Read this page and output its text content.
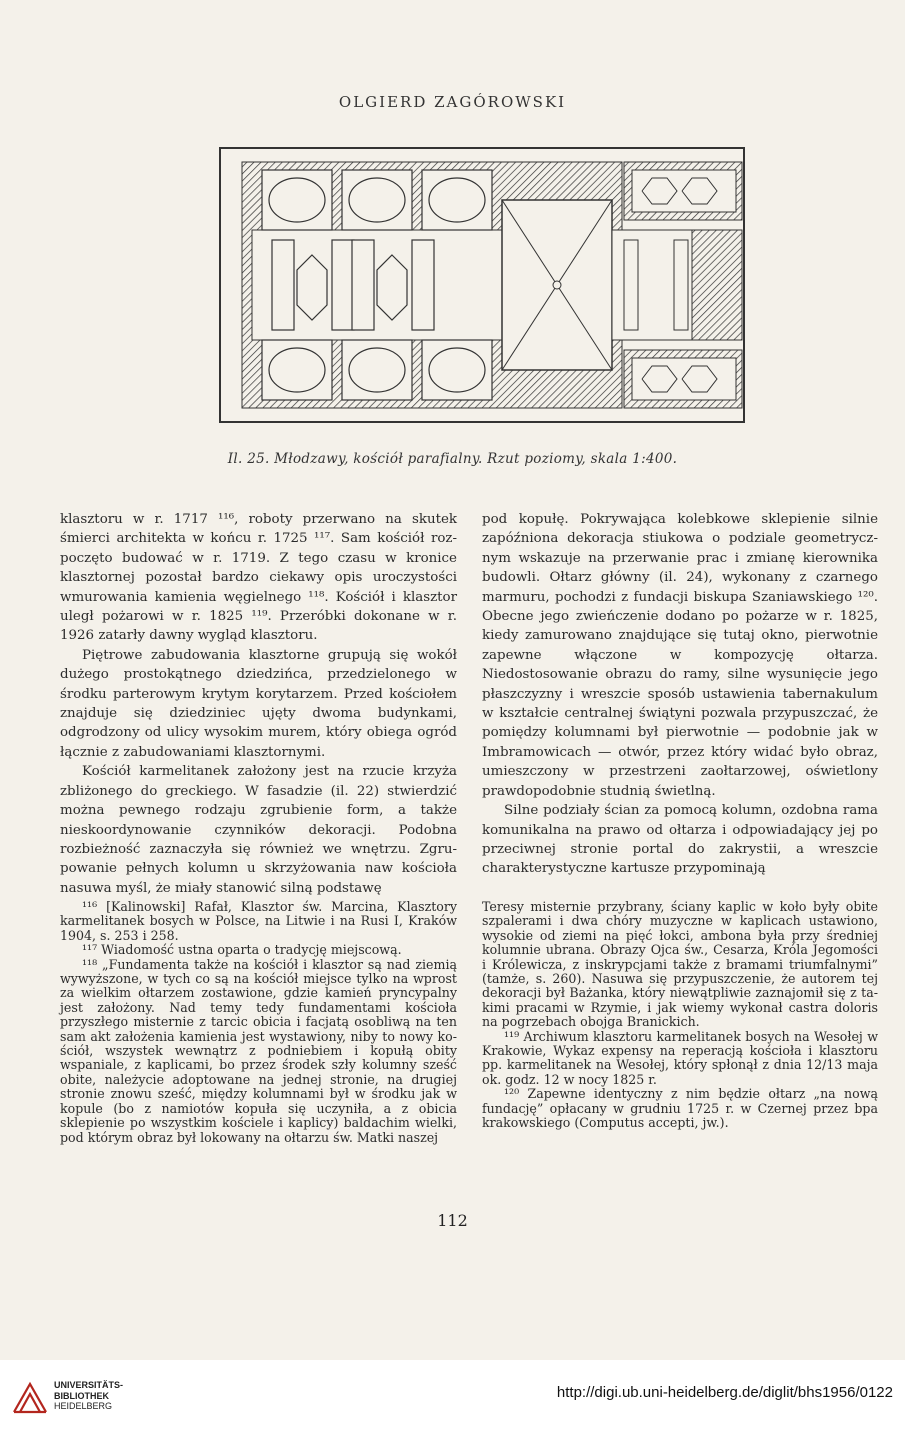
OLGIERD ZAGÓROWSKI
Il. 25. Młodzawy, kościół parafialny. Rzut poziomy, skala 1:400.

klasztoru w r. 1717 ¹¹⁶, roboty przerwano na skutek śmierci architekta w końcu r. 1725 ¹¹⁷. Sam kościół rozpoczęto budować w r. 1719. Z tego czasu w kronice klasztornej pozostał bardzo ciekawy opis uroczystości wmurowania kamienia węgielnego ¹¹⁸. Kościół i klasztor uległ pożarowi w r. 1825 ¹¹⁹. Przeróbki dokonane w r. 1926 zatarły dawny wygląd klasztoru.

Piętrowe zabudowania klasztorne grupują się wokół dużego prostokątnego dziedzińca, przedzielonego w środku parterowym krytym korytarzem. Przed kościołem znajduje się dziedziniec ujęty dwoma budynkami, odgrodzony od ulicy wysokim murem, który obiega ogród łącznie z zabudowaniami klasztornymi.

Kościół karmelitanek założony jest na rzucie krzyża zbliżonego do greckiego. W fasadzie (il. 22) stwierdzić można pewnego rodzaju zgrubienie form, a także nieskoordynowanie czynników dekoracji. Podobna rozbieżność zaznaczyła się również we wnętrzu. Zgrupowanie pełnych kolumn u skrzyżowania naw kościoła nasuwa myśl, że miały stanowić silną podstawę

pod kopułę. Pokrywająca kolebkowe sklepienie silnie zapóźniona dekoracja stiukowa o podziale geometrycznym wskazuje na przerwanie prac i zmianę kierownika budowli. Ołtarz główny (il. 24), wykonany z czarnego marmuru, pochodzi z fundacji biskupa Szaniawskiego ¹²⁰. Obecne jego zwieńczenie dodano po pożarze w r. 1825, kiedy zamurowano znajdujące się tutaj okno, pierwotnie zapewne włączone w kompozycję ołtarza. Niedostosowanie obrazu do ramy, silne wysunięcie jego płaszczyzny i wreszcie sposób ustawienia tabernakulum w kształcie centralnej świątyni pozwala przypuszczać, że pomiędzy kolumnami był pierwotnie — podobnie jak w Imbramowicach — otwór, przez który widać było obraz, umieszczony w przestrzeni zaołtarzowej, oświetlony prawdopodobnie studnią świetlną.

Silne podziały ścian za pomocą kolumn, ozdobna rama komunikalna na prawo od ołtarza i odpowiadający jej po przeciwnej stronie portal do zakrystii, a wreszcie charakterystyczne kartusze przypominają

¹¹⁶ [Kalinowski] Rafał, Klasztor św. Marcina, Klasztory karmelitanek bosych w Polsce, na Litwie i na Rusi I, Kraków 1904, s. 253 i 258.

¹¹⁷ Wiadomość ustna oparta o tradycję miejscową.

¹¹⁸ „Fundamenta także na kościół i klasztor są nad ziemią wywyższone, w tych co są na kościół miejsce tylko na wprost za wielkim ołtarzem zostawione, gdzie kamień pryncypalny jest założony. Nad temy tedy fundamentami kościoła przyszłego misternie z tarcic obicia i facjatą osobliwą na ten sam akt założenia kamienia jest wystawiony, niby to nowy kościół, wszystek wewnątrz z podniebiem i kopułą obity wspaniale, z kaplicami, bo przez środek szły kolumny sześć obite, należycie adoptowane na jednej stronie, na drugiej stronie znowu sześć, między kolumnami był w środku jak w kopule (bo z namiotów kopuła się uczyniła, a z obicia sklepienie po wszystkim kościele i kaplicy) baldachim wielki, pod którym obraz był lokowany na ołtarzu św. Matki naszej

Teresy misternie przybrany, ściany kaplic w koło były obite szpalerami i dwa chóry muzyczne w kaplicach ustawiono, wysokie od ziemi na pięć łokci, ambona była przy średniej kolumnie ubrana. Obrazy Ojca św., Cesarza, Króla Jegomości i Królewicza, z inskrypcjami także z bramami triumfalnymi” (tamże, s. 260). Nasuwa się przypuszczenie, że autorem tej dekoracji był Bażanka, który niewątpliwie zaznajomił się z takimi pracami w Rzymie, i jak wiemy wykonał castra doloris na pogrzebach obojga Branickich.

¹¹⁹ Archiwum klasztoru karmelitanek bosych na Wesołej w Krakowie, Wykaz expensy na reperacją kościoła i klasztoru pp. karmelitanek na Wesołej, który spłonął z dnia 12/13 maja ok. godz. 12 w nocy 1825 r.

¹²⁰ Zapewne identyczny z nim będzie ołtarz „na nową fundację” opłacany w grudniu 1725 r. w Czernej przez bpa krakowskiego (Computus accepti, jw.).

112
UNIVERSITÄTS-
BIBLIOTHEK
HEIDELBERG
http://digi.ub.uni-heidelberg.de/diglit/bhs1956/0122
